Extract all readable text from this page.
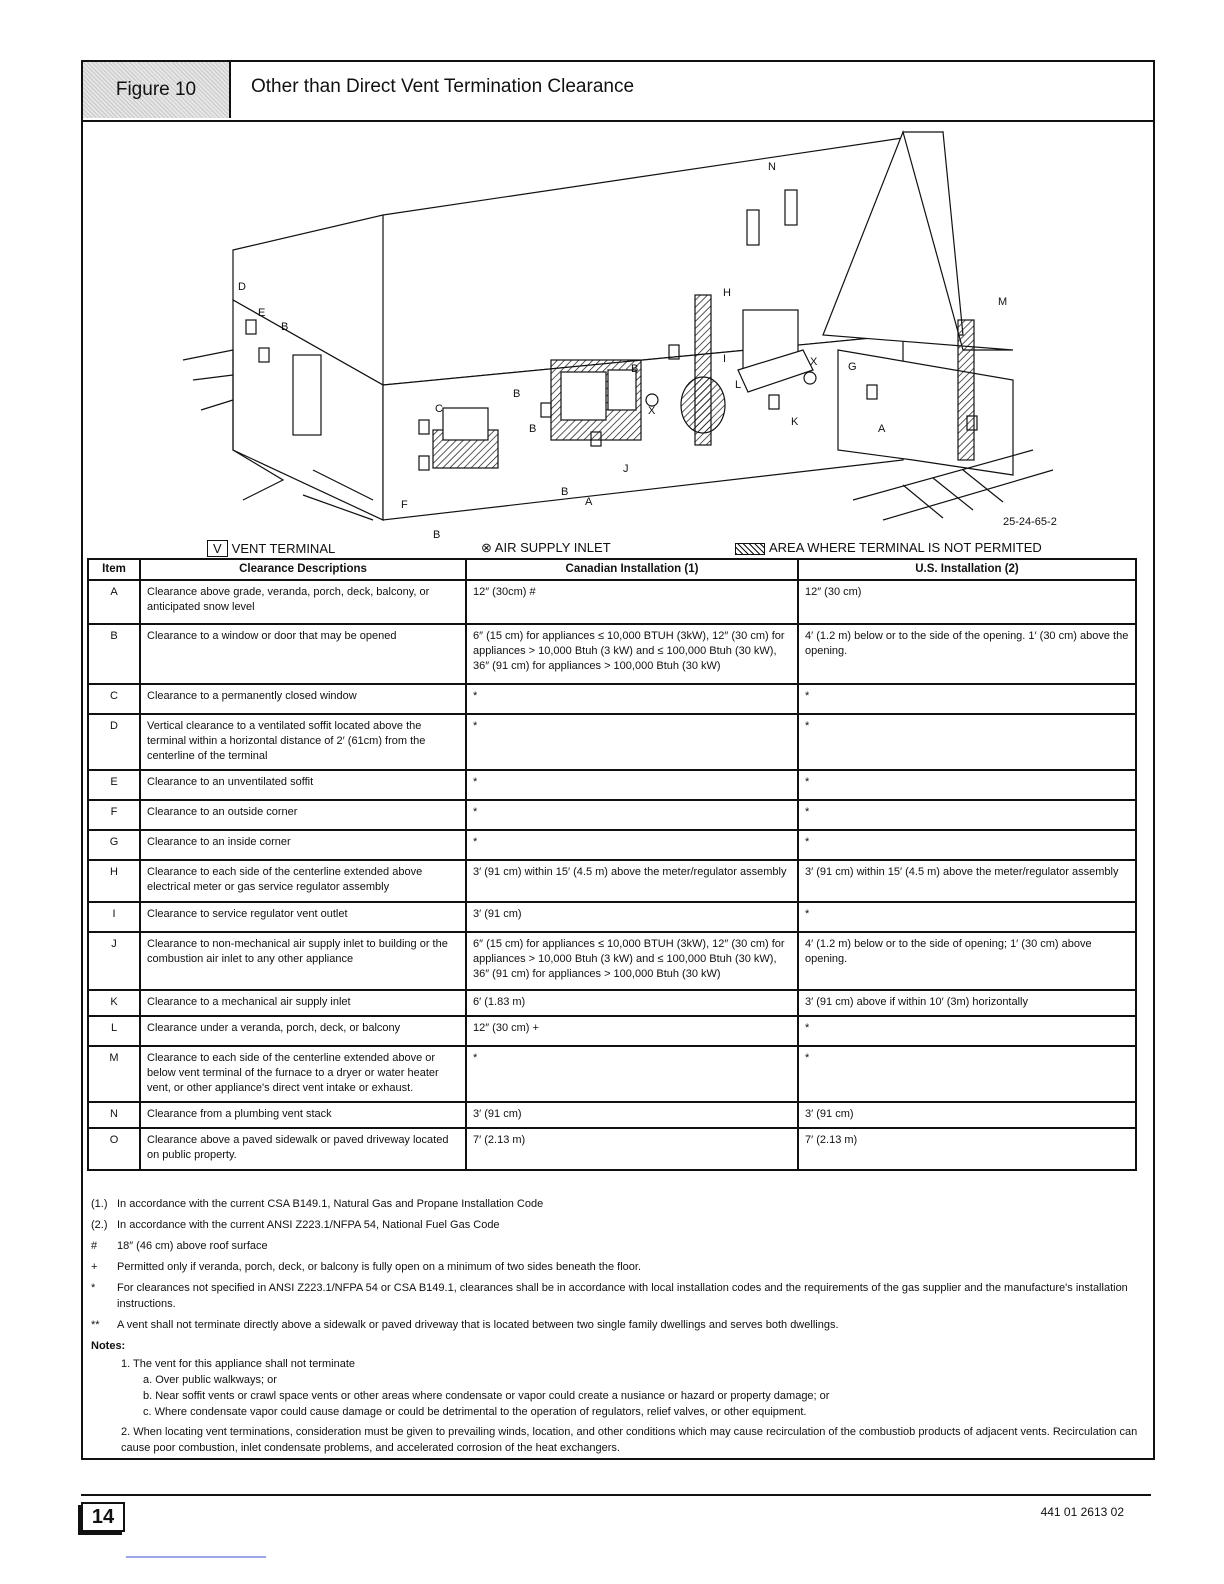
Figure 10	Other than Direct Vent Termination Clearance
N
H
M
D
E
B
C
B
B
B
B
A
J
F
B
I
L
K
G
A
X
X
25-24-65-2
V VENT TERMINAL	⊗ AIR SUPPLY INLET	AREA WHERE TERMINAL IS NOT PERMITED
Item	Clearance Descriptions	Canadian Installation (1)	U.S. Installation (2)
A	Clearance above grade, veranda, porch, deck, balcony, or anticipated snow level	12″ (30cm) #	12″ (30 cm)
B	Clearance to a window or door that may be opened	6″ (15 cm) for appliances ≤ 10,000 BTUH (3kW), 12″ (30 cm) for appliances > 10,000 Btuh (3 kW) and ≤ 100,000 Btuh (30 kW), 36″ (91 cm) for appliances > 100,000 Btuh (30 kW)	4′ (1.2 m) below or to the side of the opening. 1′ (30 cm) above the opening.
C	Clearance to a permanently closed window	*	*
D	Vertical clearance to a ventilated soffit located above the terminal within a horizontal distance of 2′ (61cm) from the centerline of the terminal	*	*
E	Clearance to an unventilated soffit	*	*
F	Clearance to an outside corner	*	*
G	Clearance to an inside corner	*	*
H	Clearance to each side of the centerline extended above electrical meter or gas service regulator assembly	3′ (91 cm) within 15′ (4.5 m) above the meter/regulator assembly	3′ (91 cm) within 15′ (4.5 m) above the meter/regulator assembly
I	Clearance to service regulator vent outlet	3′ (91 cm)	*
J	Clearance to non-mechanical air supply inlet to building or the combustion air inlet to any other appliance	6″ (15 cm) for appliances ≤ 10,000 BTUH (3kW), 12″ (30 cm) for appliances > 10,000 Btuh (3 kW) and ≤ 100,000 Btuh (30 kW), 36″ (91 cm) for appliances > 100,000 Btuh (30 kW)	4′ (1.2 m) below or to the side of opening; 1′ (30 cm) above opening.
K	Clearance to a mechanical air supply inlet	6′ (1.83 m)	3′ (91 cm) above if within 10′ (3m) horizontally
L	Clearance under a veranda, porch, deck, or balcony	12″ (30 cm) +	*
M	Clearance to each side of the centerline extended above or below vent terminal of the furnace to a dryer or water heater vent, or other appliance's direct vent intake or exhaust.	*	*
N	Clearance from a plumbing vent stack	3′ (91 cm)	3′ (91 cm)
O	Clearance above a paved sidewalk or paved driveway located on public property.	7′ (2.13 m)	7′ (2.13 m)
(1.) In accordance with the current CSA B149.1, Natural Gas and Propane Installation Code
(2.) In accordance with the current ANSI Z223.1/NFPA 54, National Fuel Gas Code
#	18″ (46 cm) above roof surface
+	Permitted only if veranda, porch, deck, or balcony is fully open on a minimum of two sides beneath the floor.
*	For clearances not specified in ANSI Z223.1/NFPA 54 or CSA B149.1, clearances shall be in accordance with local installation codes and the requirements of the gas supplier and the manufacture's installation instructions.
**	A vent shall not terminate directly above a sidewalk or paved driveway that is located between two single family dwellings and serves both dwellings.
Notes:
1. The vent for this appliance shall not terminate
a. Over public walkways; or
b. Near soffit vents or crawl space vents or other areas where condensate or vapor could create a nusiance or hazard or property damage; or
c. Where condensate vapor could cause damage or could be detrimental to the operation of regulators, relief valves, or other equipment.
2. When locating vent terminations, consideration must be given to prevailing winds, location, and other conditions which may cause recirculation of the combustiob products of adjacent vents. Recirculation can cause poor combustion, inlet condensate problems, and accelerated corrosion of the heat exchangers.
14	441 01 2613 02
